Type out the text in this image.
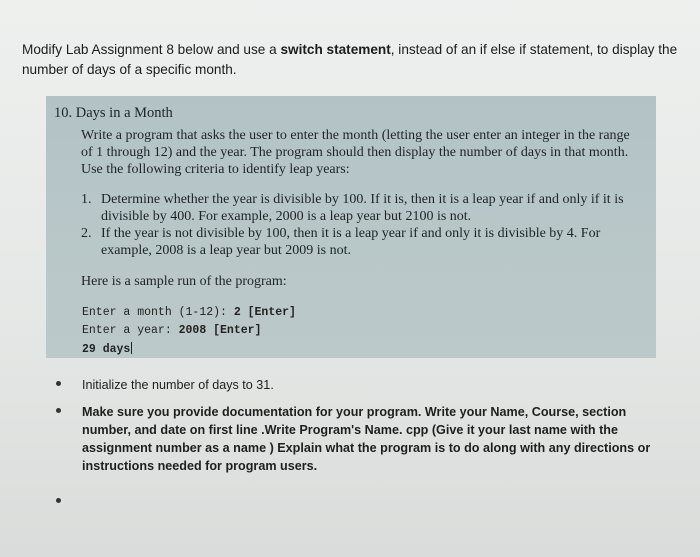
Modify Lab Assignment 8 below and use a switch statement, instead of an if else if statement, to display the number of days of a specific month.
10. Days in a Month
Write a program that asks the user to enter the month (letting the user enter an integer in the range of 1 through 12) and the year. The program should then display the number of days in that month. Use the following criteria to identify leap years:
1. Determine whether the year is divisible by 100. If it is, then it is a leap year if and only if it is divisible by 400. For example, 2000 is a leap year but 2100 is not.
2. If the year is not divisible by 100, then it is a leap year if and only it is divisible by 4. For example, 2008 is a leap year but 2009 is not.
Here is a sample run of the program:
Enter a month (1-12): 2 [Enter]
Enter a year: 2008 [Enter]
29 days
Initialize the number of days to 31.
Make sure you provide documentation for your program. Write your Name, Course, section number, and date on first line .Write Program's Name. cpp (Give it your last name with the assignment number as a name ) Explain what the program is to do along with any directions or instructions needed for program users.
